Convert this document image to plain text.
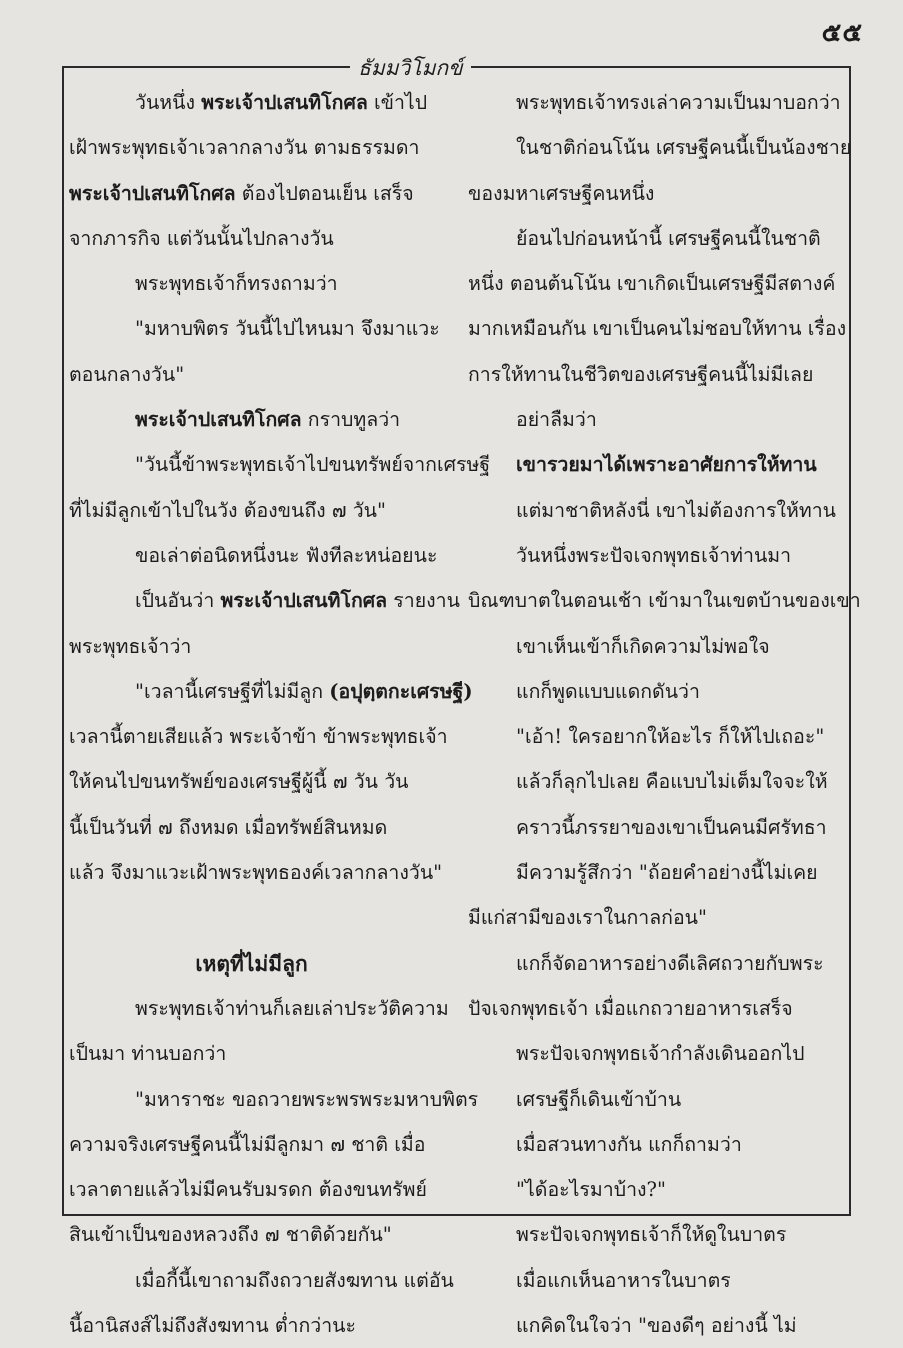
๕๕
ธัมมวิโมกข์
วันหนึ่ง พระเจ้าปเสนทิโกศล เข้าไป
เฝ้าพระพุทธเจ้าเวลากลางวัน ตามธรรมดา
พระเจ้าปเสนทิโกศล ต้องไปตอนเย็น เสร็จ
จากภารกิจ แต่วันนั้นไปกลางวัน
พระพุทธเจ้าก็ทรงถามว่า
"มหาบพิตร วันนี้ไปไหนมา จึงมาแวะ
ตอนกลางวัน"
พระเจ้าปเสนทิโกศล กราบทูลว่า
"วันนี้ข้าพระพุทธเจ้าไปขนทรัพย์จากเศรษฐี
ที่ไม่มีลูกเข้าไปในวัง ต้องขนถึง ๗ วัน"
ขอเล่าต่อนิดหนึ่งนะ ฟังทีละหน่อยนะ
เป็นอันว่า พระเจ้าปเสนทิโกศล รายงาน
พระพุทธเจ้าว่า
"เวลานี้เศรษฐีที่ไม่มีลูก (อปุตฺตกะเศรษฐี)
เวลานี้ตายเสียแล้ว พระเจ้าข้า ข้าพระพุทธเจ้า
ให้คนไปขนทรัพย์ของเศรษฐีผู้นี้ ๗ วัน วัน
นี้เป็นวันที่ ๗ ถึงหมด เมื่อทรัพย์สินหมด
แล้ว จึงมาแวะเฝ้าพระพุทธองค์เวลากลางวัน"
เหตุที่ไม่มีลูก
พระพุทธเจ้าท่านก็เลยเล่าประวัติความ
เป็นมา ท่านบอกว่า
"มหาราชะ ขอถวายพระพรพระมหาบพิตร
ความจริงเศรษฐีคนนี้ไม่มีลูกมา ๗ ชาติ เมื่อ
เวลาตายแล้วไม่มีคนรับมรดก ต้องขนทรัพย์
สินเข้าเป็นของหลวงถึง ๗ ชาติด้วยกัน"
เมื่อกี้นี้เขาถามถึงถวายสังฆทาน แต่อัน
นี้อานิสงส์ไม่ถึงสังฆทาน ต่ำกว่านะ
พระพุทธเจ้าทรงเล่าความเป็นมาบอกว่า
ในชาติก่อนโน้น เศรษฐีคนนี้เป็นน้องชาย
ของมหาเศรษฐีคนหนึ่ง
ย้อนไปก่อนหน้านี้ เศรษฐีคนนี้ในชาติ
หนึ่ง ตอนต้นโน้น เขาเกิดเป็นเศรษฐีมีสตางค์
มากเหมือนกัน เขาเป็นคนไม่ชอบให้ทาน เรื่อง
การให้ทานในชีวิตของเศรษฐีคนนี้ไม่มีเลย
อย่าลืมว่า
เขารวยมาได้เพราะอาศัยการให้ทาน
แต่มาชาติหลังนี่ เขาไม่ต้องการให้ทาน
วันหนึ่งพระปัจเจกพุทธเจ้าท่านมา
บิณฑบาตในตอนเช้า เข้ามาในเขตบ้านของเขา
เขาเห็นเข้าก็เกิดความไม่พอใจ
แกก็พูดแบบแดกดันว่า
"เอ้า! ใครอยากให้อะไร ก็ให้ไปเถอะ"
แล้วก็ลุกไปเลย คือแบบไม่เต็มใจจะให้
คราวนี้ภรรยาของเขาเป็นคนมีศรัทธา
มีความรู้สึกว่า "ถ้อยคำอย่างนี้ไม่เคย
มีแก่สามีของเราในกาลก่อน"
แกก็จัดอาหารอย่างดีเลิศถวายกับพระ
ปัจเจกพุทธเจ้า เมื่อแกถวายอาหารเสร็จ
พระปัจเจกพุทธเจ้ากำลังเดินออกไป
เศรษฐีก็เดินเข้าบ้าน
เมื่อสวนทางกัน แกก็ถามว่า
"ได้อะไรมาบ้าง?"
พระปัจเจกพุทธเจ้าก็ให้ดูในบาตร
เมื่อแกเห็นอาหารในบาตร
แกคิดในใจว่า "ของดีๆ อย่างนี้ ไม่
